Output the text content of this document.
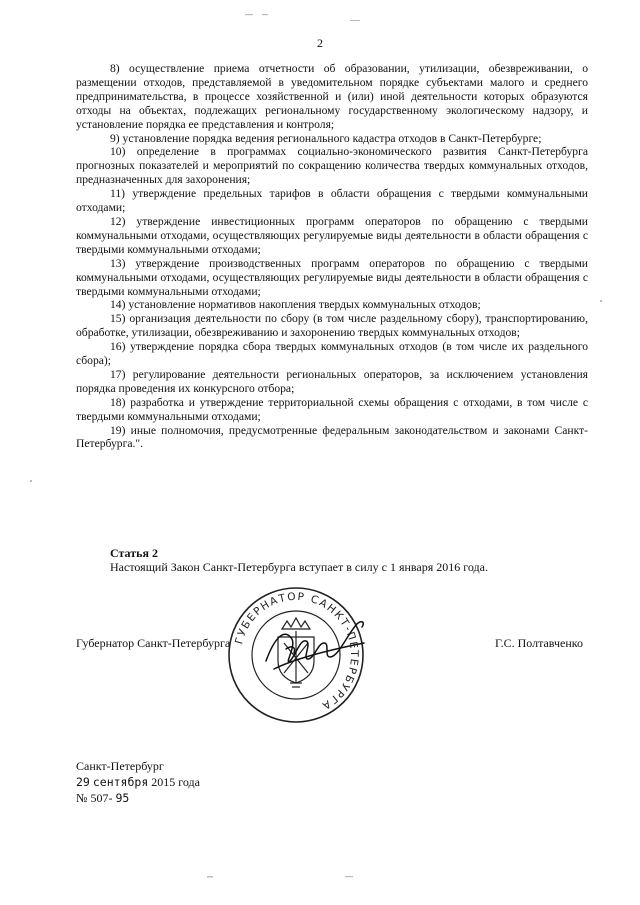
2

8) осуществление приема отчетности об образовании, утилизации, обезвреживании, о размещении отходов, представляемой в уведомительном порядке субъектами малого и среднего предпринимательства, в процессе хозяйственной и (или) иной деятельности которых образуются отходы на объектах, подлежащих региональному государственному экологическому надзору, и установление порядка ее представления и контроля;

9) установление порядка ведения регионального кадастра отходов в Санкт-Петербурге;

10) определение в программах социально-экономического развития Санкт-Петербурга прогнозных показателей и мероприятий по сокращению количества твердых коммунальных отходов, предназначенных для захоронения;

11) утверждение предельных тарифов в области обращения с твердыми коммунальными отходами;

12) утверждение инвестиционных программ операторов по обращению с твердыми коммунальными отходами, осуществляющих регулируемые виды деятельности в области обращения с твердыми коммунальными отходами;

13) утверждение производственных программ операторов по обращению с твердыми коммунальными отходами, осуществляющих регулируемые виды деятельности в области обращения с твердыми коммунальными отходами;

14) установление нормативов накопления твердых коммунальных отходов;

15) организация деятельности по сбору (в том числе раздельному сбору), транспортированию, обработке, утилизации, обезвреживанию и захоронению твердых коммунальных отходов;

16) утверждение порядка сбора твердых коммунальных отходов (в том числе их раздельного сбора);

17) регулирование деятельности региональных операторов, за исключением установления порядка проведения их конкурсного отбора;

18) разработка и утверждение территориальной схемы обращения с отходами, в том числе с твердыми коммунальными отходами;

19) иные полномочия, предусмотренные федеральным законодательством и законами Санкт-Петербурга.".

Статья 2
Настоящий Закон Санкт-Петербурга вступает в силу с 1 января 2016 года.
Губернатор Санкт-Петербурга	Г.С. Полтавченко
ГУБЕРНАТОР САНКТ-ПЕТЕРБУРГА
Санкт-Петербург
29 сентября 2015 года
№ 507- 95
